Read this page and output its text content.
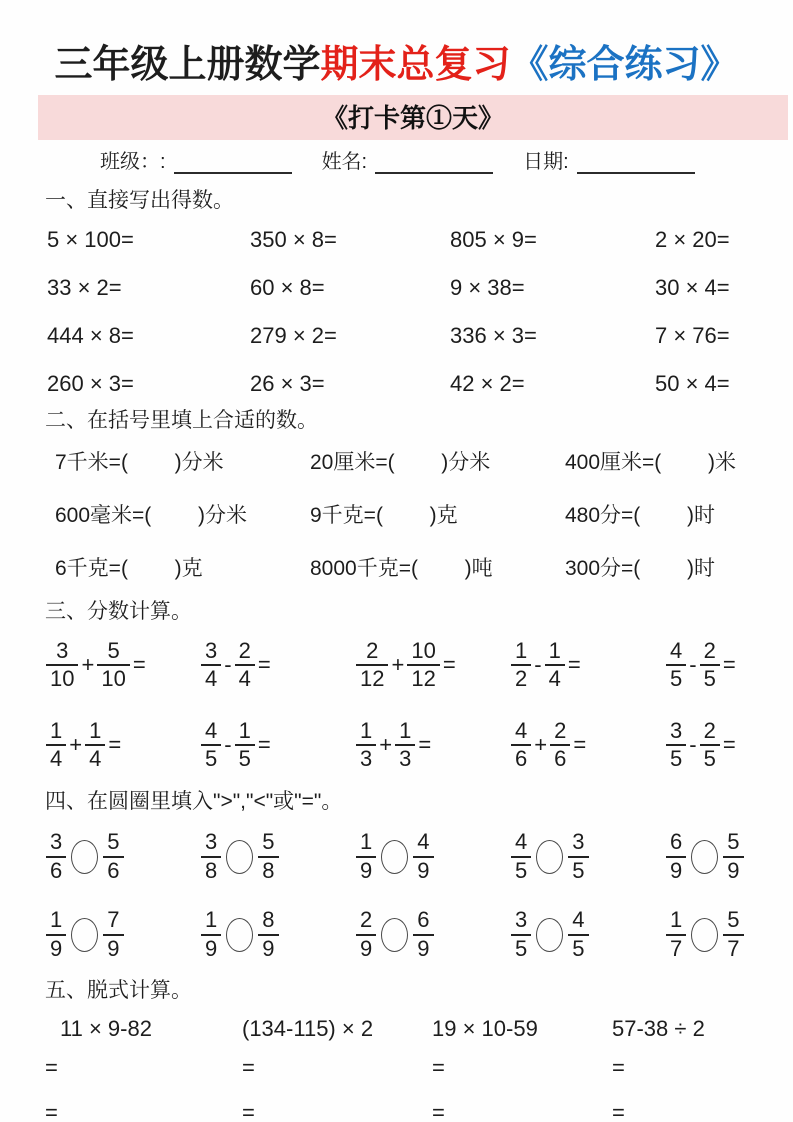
三年级上册数学期末总复习《综合练习》
《打卡第①天》
班级：:	姓名:	日期:
一、直接写出得数。
5 × 100=	350 × 8=	805 × 9=	2 × 20=
33 × 2=	60 × 8=	9 × 38=	30 × 4=
444 × 8=	279 × 2=	336 × 3=	7 × 76=
260 × 3=	26 × 3=	42 × 2=	50 × 4=
二、在括号里填上合适的数。
7千米=(        )分米	20厘米=(        )分米	400厘米=(        )米
600毫米=(        )分米	9千克=(        )克	480分=(        )时
6千克=(        )克	8000千克=(        )吨	300分=(        )时
三、分数计算。
$\frac{3}{10} + \frac{5}{10}$ =	$\frac{3}{4} - \frac{2}{4}$ =	$\frac{2}{12} + \frac{10}{12}$ =	$\frac{1}{2} - \frac{1}{4}$ =	$\frac{4}{5} - \frac{2}{5}$ =
$\frac{1}{4} + \frac{1}{4}$ =	$\frac{4}{5} - \frac{1}{5}$ =	$\frac{1}{3} + \frac{1}{3}$ =	$\frac{4}{6} + \frac{2}{6}$ =	$\frac{3}{5} - \frac{2}{5}$ =
四、在圆圈里填入">","<"或"="。
$\frac{3}{6} \frac{5}{6}$	$\frac{3}{8} \frac{5}{8}$	$\frac{1}{9} \frac{4}{9}$	$\frac{4}{5} \frac{3}{5}$	$\frac{6}{9} \frac{5}{9}$
$\frac{1}{9} \frac{7}{9}$	$\frac{1}{9} \frac{8}{9}$	$\frac{2}{9} \frac{6}{9}$	$\frac{3}{5} \frac{4}{5}$	$\frac{1}{7} \frac{5}{7}$
五、脱式计算。
11 × 9-82
=
=
(134-115) × 2
=
=
19 × 10-59
=
=
57-38 ÷ 2
=
=
